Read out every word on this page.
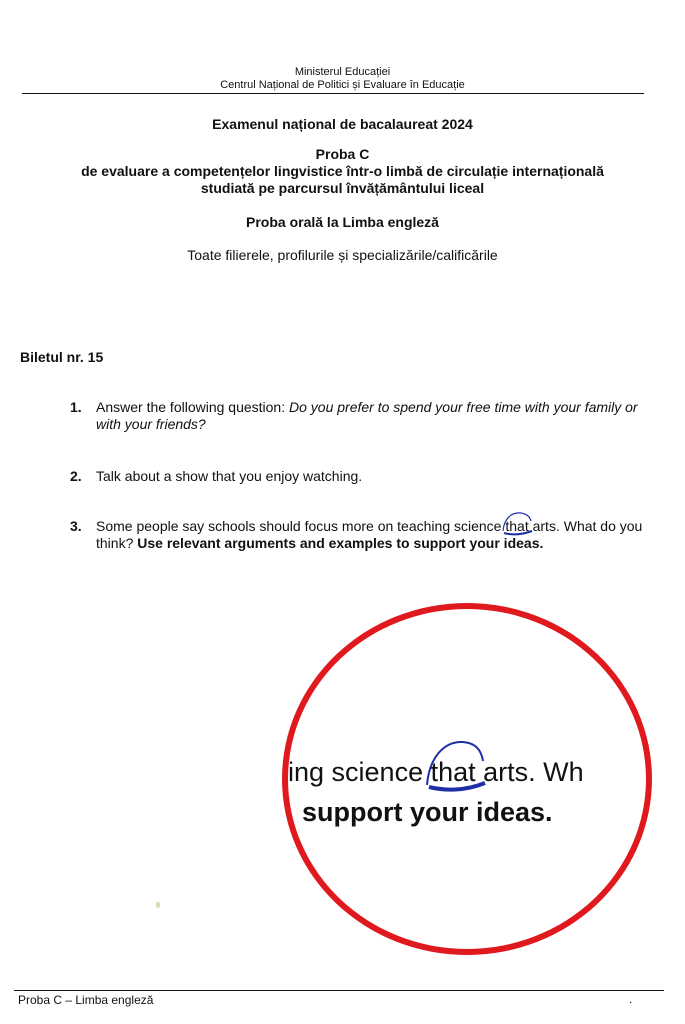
Ministerul Educației
Centrul Național de Politici și Evaluare în Educație
Examenul național de bacalaureat 2024
Proba C
de evaluare a competențelor lingvistice într-o limbă de circulație internațională
studiată pe parcursul învățământului liceal
Proba orală la Limba engleză
Toate filierele, profilurile și specializările/calificările
Biletul nr. 15
1.	Answer the following question: Do you prefer to spend your free time with your family or with your friends?
2.	Talk about a show that you enjoy watching.
3.	Some people say schools should focus more on teaching science that
arts. What do you think? Use relevant arguments and examples to support your ideas.
ing science that
arts. Wh
support your ideas.
Proba C – Limba engleză	.
